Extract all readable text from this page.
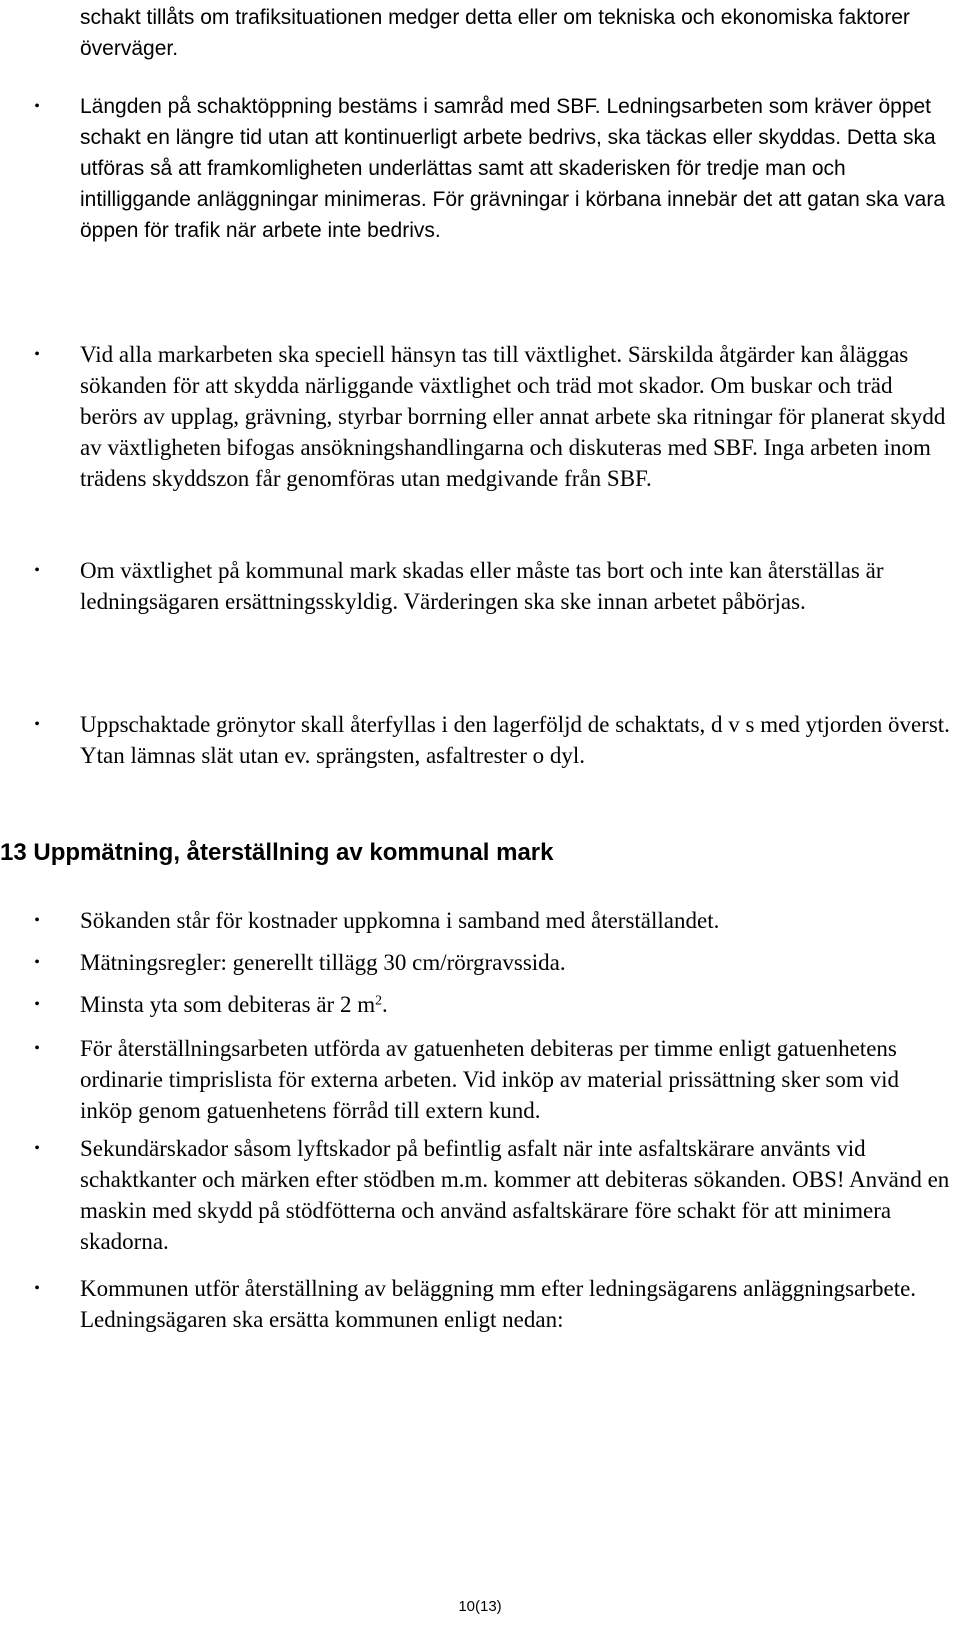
schakt tillåts om trafiksituationen medger detta eller om tekniska och ekonomiska faktorer överväger.

• Längden på schaktöppning bestäms i samråd med SBF. Ledningsarbeten som kräver öppet schakt en längre tid utan att kontinuerligt arbete bedrivs, ska täckas eller skyddas. Detta ska utföras så att framkomligheten underlättas samt att skaderisken för tredje man och intilliggande anläggningar minimeras. För grävningar i körbana innebär det att gatan ska vara öppen för trafik när arbete inte bedrivs.

• Vid alla markarbeten ska speciell hänsyn tas till växtlighet. Särskilda åtgärder kan åläggas sökanden för att skydda närliggande växtlighet och träd mot skador. Om buskar och träd berörs av upplag, grävning, styrbar borrning eller annat arbete ska ritningar för planerat skydd av växtligheten bifogas ansökningshandlingarna och diskuteras med SBF. Inga arbeten inom trädens skyddszon får genomföras utan medgivande från SBF.

• Om växtlighet på kommunal mark skadas eller måste tas bort och inte kan återställas är ledningsägaren ersättningsskyldig. Värderingen ska ske innan arbetet påbörjas.

• Uppschaktade grönytor skall återfyllas i den lagerföljd de schaktats, d v s med ytjorden överst. Ytan lämnas slät utan ev. sprängsten, asfaltrester o dyl.

13 Uppmätning, återställning av kommunal mark
• Sökanden står för kostnader uppkomna i samband med återställandet.

• Mätningsregler: generellt tillägg 30 cm/rörgravssida.

• Minsta yta som debiteras är 2 $m^2$.

• För återställningsarbeten utförda av gatuenheten debiteras per timme enligt gatuenhetens ordinarie timprislista för externa arbeten. Vid inköp av material prissättning sker som vid inköp genom gatuenhetens förråd till extern kund.

• Sekundärskador såsom lyftskador på befintlig asfalt när inte asfaltskärare använts vid schaktkanter och märken efter stödben m.m. kommer att debiteras sökanden. OBS! Använd en maskin med skydd på stödfötterna och använd asfaltskärare före schakt för att minimera skadorna.

• Kommunen utför återställning av beläggning mm efter ledningsägarens anläggningsarbete. Ledningsägaren ska ersätta kommunen enligt nedan:

10(13)
